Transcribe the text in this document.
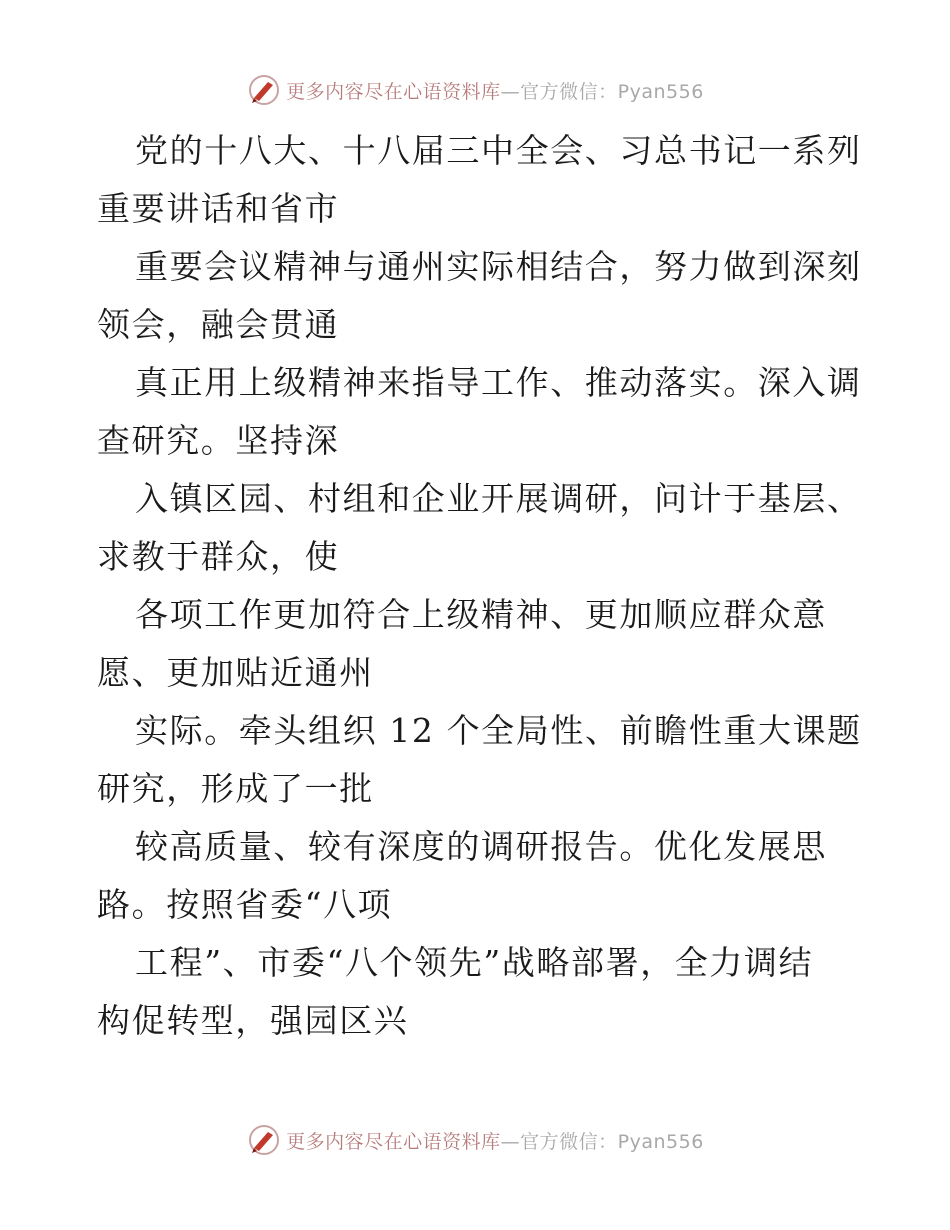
更多内容尽在心语资料库—官方微信：Pyan556
党的十八大、十八届三中全会、习总书记一系列
重要讲话和省市
重要会议精神与通州实际相结合，努力做到深刻
领会，融会贯通
真正用上级精神来指导工作、推动落实。深入调
查研究。坚持深
入镇区园、村组和企业开展调研，问计于基层、
求教于群众，使
各项工作更加符合上级精神、更加顺应群众意
愿、更加贴近通州
实际。牵头组织 12 个全局性、前瞻性重大课题
研究，形成了一批
较高质量、较有深度的调研报告。优化发展思
路。按照省委“八项
工程”、市委“八个领先”战略部署，全力调结
构促转型，强园区兴
更多内容尽在心语资料库—官方微信：Pyan556
